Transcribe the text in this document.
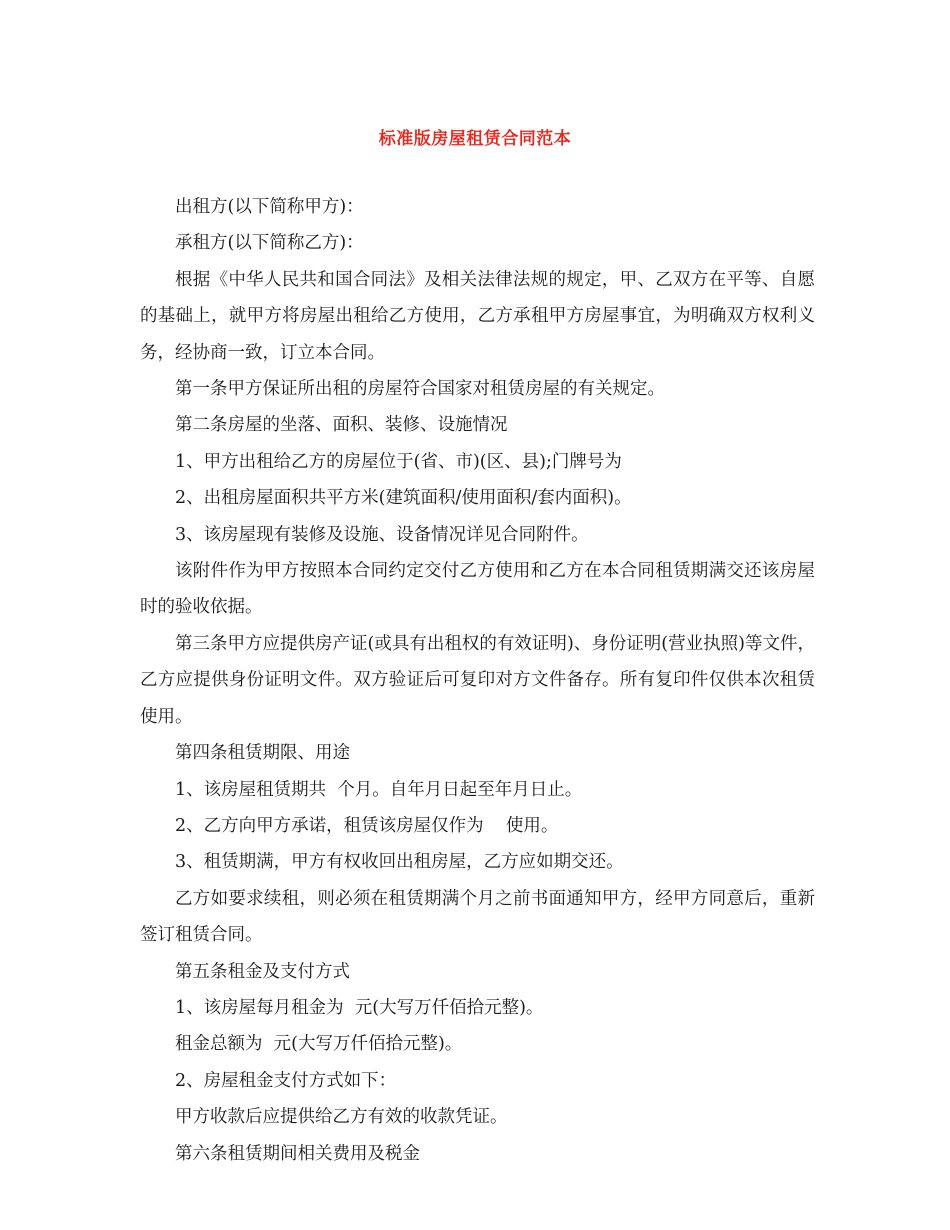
标准版房屋租赁合同范本

出租方(以下简称甲方)：

承租方(以下简称乙方)：

根据《中华人民共和国合同法》及相关法律法规的规定，甲、乙双方在平等、自愿的基础上，就甲方将房屋出租给乙方使用，乙方承租甲方房屋事宜，为明确双方权利义务，经协商一致，订立本合同。

第一条甲方保证所出租的房屋符合国家对租赁房屋的有关规定。

第二条房屋的坐落、面积、装修、设施情况

1、甲方出租给乙方的房屋位于(省、市)(区、县);门牌号为

2、出租房屋面积共平方米(建筑面积/使用面积/套内面积)。

3、该房屋现有装修及设施、设备情况详见合同附件。

该附件作为甲方按照本合同约定交付乙方使用和乙方在本合同租赁期满交还该房屋时的验收依据。

第三条甲方应提供房产证(或具有出租权的有效证明)、身份证明(营业执照)等文件，乙方应提供身份证明文件。双方验证后可复印对方文件备存。所有复印件仅供本次租赁使用。

第四条租赁期限、用途

1、该房屋租赁期共  个月。自年月日起至年月日止。

2、乙方向甲方承诺，租赁该房屋仅作为    使用。

3、租赁期满，甲方有权收回出租房屋，乙方应如期交还。

乙方如要求续租，则必须在租赁期满个月之前书面通知甲方，经甲方同意后，重新签订租赁合同。

第五条租金及支付方式

1、该房屋每月租金为  元(大写万仟佰拾元整)。

租金总额为  元(大写万仟佰拾元整)。

2、房屋租金支付方式如下：

甲方收款后应提供给乙方有效的收款凭证。

第六条租赁期间相关费用及税金
